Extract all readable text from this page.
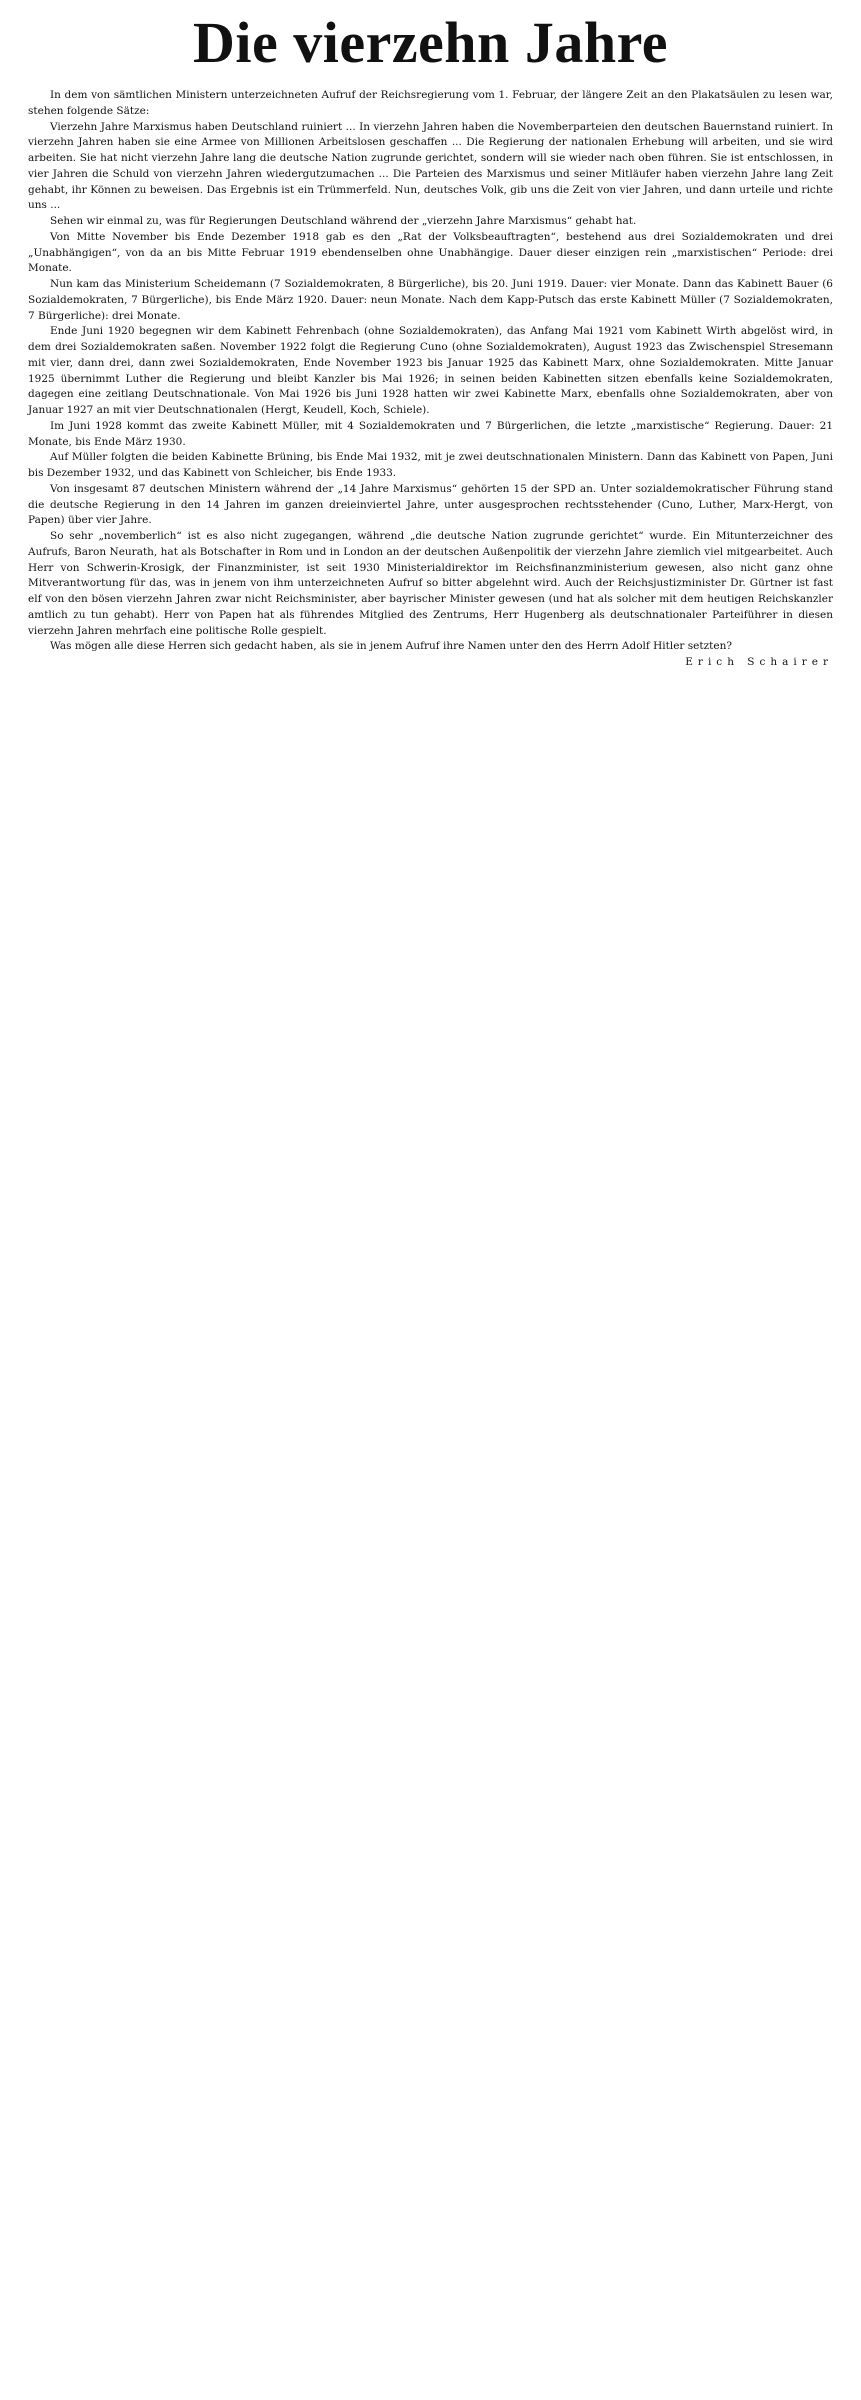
Die vierzehn Jahre

In dem von sämtlichen Ministern unterzeichneten Aufruf der Reichsregierung vom 1. Februar, der längere Zeit an den Plakatsäulen zu lesen war, stehen folgende Sätze:

Vierzehn Jahre Marxismus haben Deutschland ruiniert ... In vierzehn Jahren haben die Novemberparteien den deutschen Bauernstand ruiniert. In vierzehn Jahren haben sie eine Armee von Millionen Arbeitslosen geschaffen ... Die Regierung der nationalen Erhebung will arbeiten, und sie wird arbeiten. Sie hat nicht vierzehn Jahre lang die deutsche Nation zugrunde gerichtet, sondern will sie wieder nach oben führen. Sie ist entschlossen, in vier Jahren die Schuld von vierzehn Jahren wiedergutzumachen ... Die Parteien des Marxismus und seiner Mitläufer haben vierzehn Jahre lang Zeit gehabt, ihr Können zu beweisen. Das Ergebnis ist ein Trümmerfeld. Nun, deutsches Volk, gib uns die Zeit von vier Jahren, und dann urteile und richte uns ...

Sehen wir einmal zu, was für Regierungen Deutschland während der „vierzehn Jahre Marxismus“ gehabt hat.

Von Mitte November bis Ende Dezember 1918 gab es den „Rat der Volksbeauftragten“, bestehend aus drei Sozialdemokraten und drei „Unabhängigen“, von da an bis Mitte Februar 1919 ebendenselben ohne Unabhängige. Dauer dieser einzigen rein „marxistischen“ Periode: drei Monate.

Nun kam das Ministerium Scheidemann (7 Sozialdemokraten, 8 Bürgerliche), bis 20. Juni 1919. Dauer: vier Monate. Dann das Kabinett Bauer (6 Sozialdemokraten, 7 Bürgerliche), bis Ende März 1920. Dauer: neun Monate. Nach dem Kapp-Putsch das erste Kabinett Müller (7 Sozialdemokraten, 7 Bürgerliche): drei Monate.

Ende Juni 1920 begegnen wir dem Kabinett Fehrenbach (ohne Sozialdemokraten), das Anfang Mai 1921 vom Kabinett Wirth abgelöst wird, in dem drei Sozialdemokraten saßen. November 1922 folgt die Regierung Cuno (ohne Sozialdemokraten), August 1923 das Zwischenspiel Stresemann mit vier, dann drei, dann zwei Sozialdemokraten, Ende November 1923 bis Januar 1925 das Kabinett Marx, ohne Sozialdemokraten. Mitte Januar 1925 übernimmt Luther die Regierung und bleibt Kanzler bis Mai 1926; in seinen beiden Kabinetten sitzen ebenfalls keine Sozialdemokraten, dagegen eine zeitlang Deutschnationale. Von Mai 1926 bis Juni 1928 hatten wir zwei Kabinette Marx, ebenfalls ohne Sozialdemokraten, aber von Januar 1927 an mit vier Deutschnationalen (Hergt, Keudell, Koch, Schiele).

Im Juni 1928 kommt das zweite Kabinett Müller, mit 4 Sozialdemokraten und 7 Bürgerlichen, die letzte „marxistische“ Regierung. Dauer: 21 Monate, bis Ende März 1930.

Auf Müller folgten die beiden Kabinette Brüning, bis Ende Mai 1932, mit je zwei deutschnationalen Ministern. Dann das Kabinett von Papen, Juni bis Dezember 1932, und das Kabinett von Schleicher, bis Ende 1933.

Von insgesamt 87 deutschen Ministern während der „14 Jahre Marxismus“ gehörten 15 der SPD an. Unter sozialdemokratischer Führung stand die deutsche Regierung in den 14 Jahren im ganzen dreieinviertel Jahre, unter ausgesprochen rechtsstehender (Cuno, Luther, Marx-Hergt, von Papen) über vier Jahre.

So sehr „novemberlich“ ist es also nicht zugegangen, während „die deutsche Nation zugrunde gerichtet“ wurde. Ein Mitunterzeichner des Aufrufs, Baron Neurath, hat als Botschafter in Rom und in London an der deutschen Außenpolitik der vierzehn Jahre ziemlich viel mitgearbeitet. Auch Herr von Schwerin-Krosigk, der Finanzminister, ist seit 1930 Ministerialdirektor im Reichsfinanzministerium gewesen, also nicht ganz ohne Mitverantwortung für das, was in jenem von ihm unterzeichneten Aufruf so bitter abgelehnt wird. Auch der Reichsjustizminister Dr. Gürtner ist fast elf von den bösen vierzehn Jahren zwar nicht Reichsminister, aber bayrischer Minister gewesen (und hat als solcher mit dem heutigen Reichskanzler amtlich zu tun gehabt). Herr von Papen hat als führendes Mitglied des Zentrums, Herr Hugenberg als deutschnationaler Parteiführer in diesen vierzehn Jahren mehrfach eine politische Rolle gespielt.

Was mögen alle diese Herren sich gedacht haben, als sie in jenem Aufruf ihre Namen unter den des Herrn Adolf Hitler setzten?

Erich Schairer
